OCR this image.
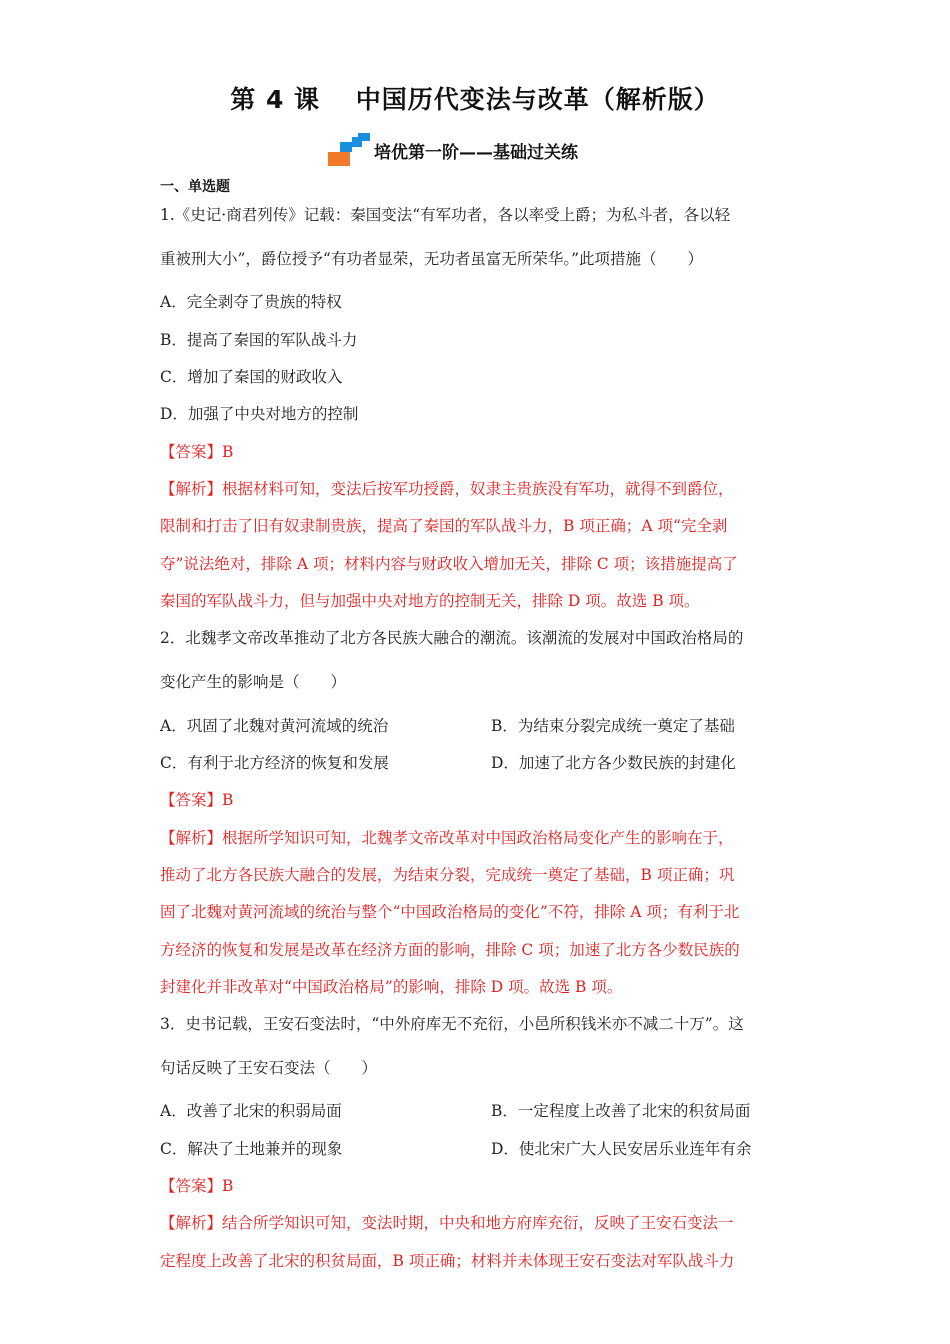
第 4 课　 中国历代变法与改革（解析版）
培优第一阶——基础过关练
一、单选题
1.《史记·商君列传》记载：秦国变法“有军功者，各以率受上爵；为私斗者，各以轻
重被刑大小”，爵位授予“有功者显荣，无功者虽富无所荣华。”此项措施（　　）
A．完全剥夺了贵族的特权
B．提高了秦国的军队战斗力
C．增加了秦国的财政收入
D．加强了中央对地方的控制
【答案】B
【解析】根据材料可知，变法后按军功授爵，奴隶主贵族没有军功，就得不到爵位，
限制和打击了旧有奴隶制贵族，提高了秦国的军队战斗力，B 项正确；A 项“完全剥
夺”说法绝对，排除 A 项；材料内容与财政收入增加无关，排除 C 项；该措施提高了
秦国的军队战斗力，但与加强中央对地方的控制无关，排除 D 项。故选 B 项。
2．北魏孝文帝改革推动了北方各民族大融合的潮流。该潮流的发展对中国政治格局的
变化产生的影响是（　　）
A．巩固了北魏对黄河流域的统治	B．为结束分裂完成统一奠定了基础
C．有利于北方经济的恢复和发展	D．加速了北方各少数民族的封建化
【答案】B
【解析】根据所学知识可知，北魏孝文帝改革对中国政治格局变化产生的影响在于，
推动了北方各民族大融合的发展，为结束分裂，完成统一奠定了基础，B 项正确；巩
固了北魏对黄河流域的统治与整个“中国政治格局的变化”不符，排除 A 项；有利于北
方经济的恢复和发展是改革在经济方面的影响，排除 C 项；加速了北方各少数民族的
封建化并非改革对“中国政治格局”的影响，排除 D 项。故选 B 项。
3．史书记载，王安石变法时，“中外府库无不充衍，小邑所积钱米亦不减二十万”。这
句话反映了王安石变法（　　）
A．改善了北宋的积弱局面	B．一定程度上改善了北宋的积贫局面
C．解决了土地兼并的现象	D．使北宋广大人民安居乐业连年有余
【答案】B
【解析】结合所学知识可知，变法时期，中央和地方府库充衍，反映了王安石变法一
定程度上改善了北宋的积贫局面，B 项正确；材料并未体现王安石变法对军队战斗力
